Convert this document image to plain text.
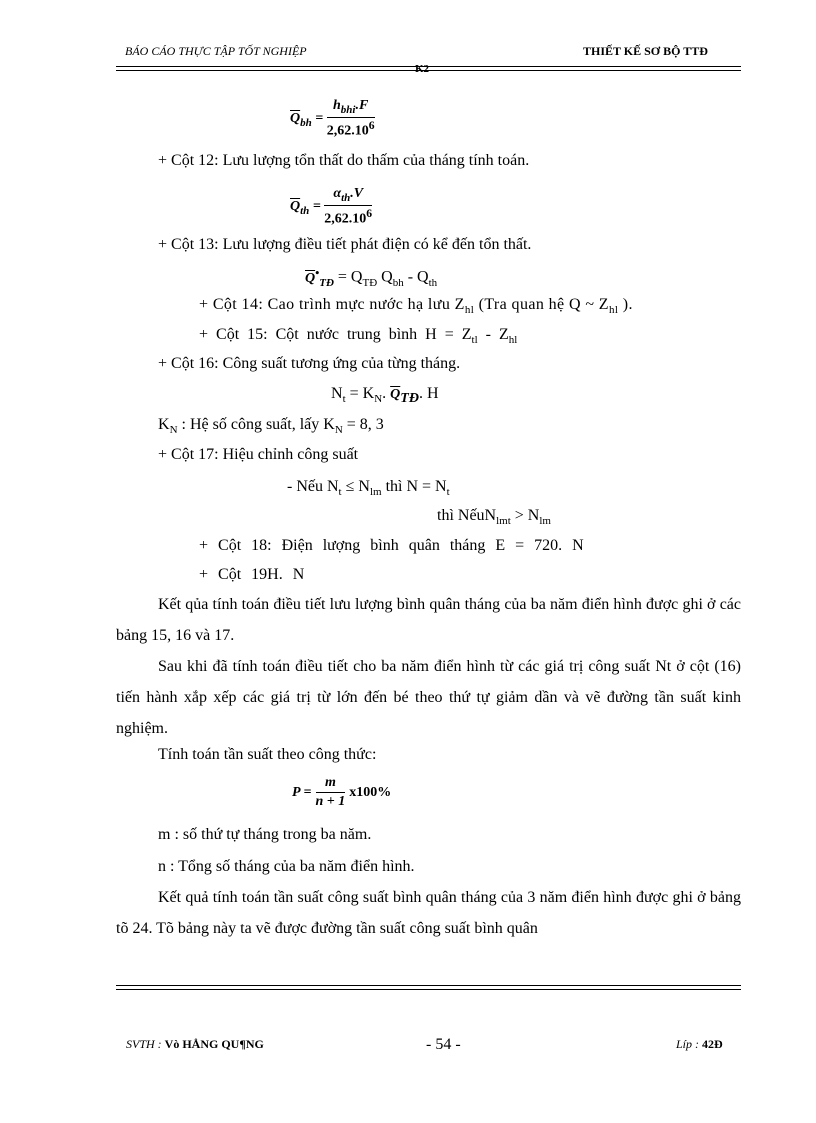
BÁO CÁO THỰC TẬP TỐT NGHIỆP	THIẾT KẾ SƠ BỘ TTĐ
K2
$\overline{Q}_{bh} = \frac{h_{bhi}.F}{2,62.10^6}$
+ Cột 12: Lưu lượng tổn thất do thấm của tháng tính toán.
$\overline{Q}_{th} = \frac{\alpha_{th}.V}{2,62.10^6}$
+ Cột 13: Lưu lượng điều tiết phát điện có kể đến tổn thất.
$\overline{Q}^•_{TĐ} = Q_{TĐ}$ $Q_{bh} - Q_{th}$
+ Cột 14: Cao trình mực nước hạ lưu $Z_{hl}$ (Tra quan hệ Q ~ $Z_{hl}$ ).
+ Cột 15: Cột nước trung bình $H = Z_{tl} - Z_{hl}$
+ Cột 16: Công suất tương ứng của từng tháng.
$N_t = K_N$. $\overline{Q}_{TĐ}$. H
$K_N$ : Hệ số công suất, lấy $K_N = 8$, 3
+ Cột 17: Hiệu chỉnh công suất
- Nếu $N_t \le N_{lm}$ thì $N = N_t$
thì NếuN$_{lmt}$ > $N_{lm}$
+ Cột 18: Điện lượng bình quân tháng E = 720. N
+ Cột 19H. N
Kết qủa tính toán điều tiết lưu lượng bình quân tháng của ba năm điển hình được ghi ở các bảng 15, 16 và 17.
Sau khi đã tính toán điều tiết cho ba năm điển hình từ các giá trị công suất Nt ở cột (16) tiến hành xắp xếp các giá trị từ lớn đến bé theo thứ tự giảm dần và vẽ đường tần suất kinh nghiệm.
Tính toán tần suất theo công thức:
$P = \frac{m}{n + 1} x100\%$
m : số thứ tự tháng trong ba năm.
n : Tổng số tháng của ba năm điển hình.
Kết quả tính toán tần suất công suất bình quân tháng của 3 năm điển hình được ghi ở bảng tõ 24. Tõ bảng này ta vẽ được đường tần suất công suất bình quân
SVTH : Vò HÅNG QU¶NG	- 54 -	Líp : 42Ð
